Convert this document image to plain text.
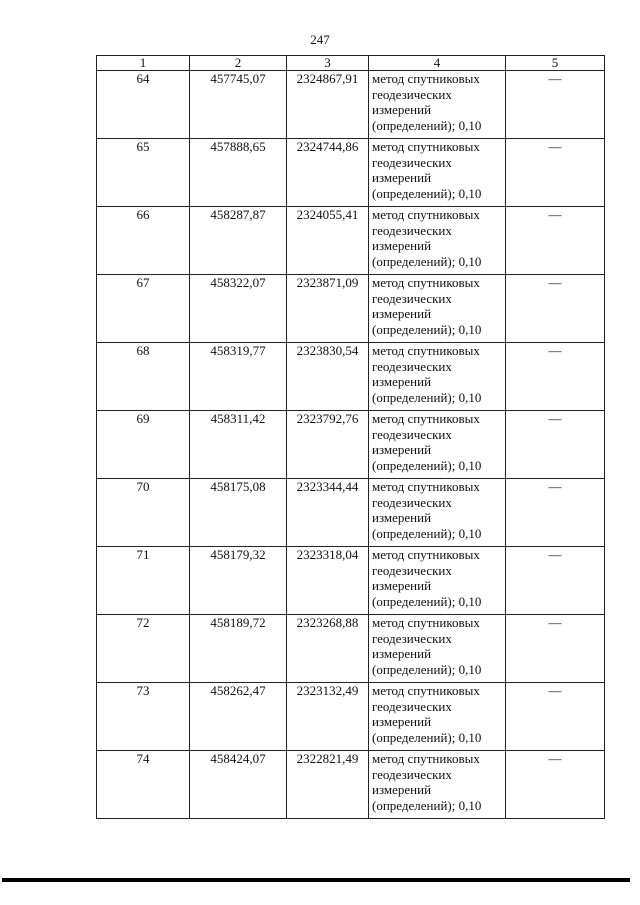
247
1	2	3	4	5
64	457745,07	2324867,91	метод спутниковых геодезических измерений (определений); 0,10	—
65	457888,65	2324744,86	метод спутниковых геодезических измерений (определений); 0,10	—
66	458287,87	2324055,41	метод спутниковых геодезических измерений (определений); 0,10	—
67	458322,07	2323871,09	метод спутниковых геодезических измерений (определений); 0,10	—
68	458319,77	2323830,54	метод спутниковых геодезических измерений (определений); 0,10	—
69	458311,42	2323792,76	метод спутниковых геодезических измерений (определений); 0,10	—
70	458175,08	2323344,44	метод спутниковых геодезических измерений (определений); 0,10	—
71	458179,32	2323318,04	метод спутниковых геодезических измерений (определений); 0,10	—
72	458189,72	2323268,88	метод спутниковых геодезических измерений (определений); 0,10	—
73	458262,47	2323132,49	метод спутниковых геодезических измерений (определений); 0,10	—
74	458424,07	2322821,49	метод спутниковых геодезических измерений (определений); 0,10	—
